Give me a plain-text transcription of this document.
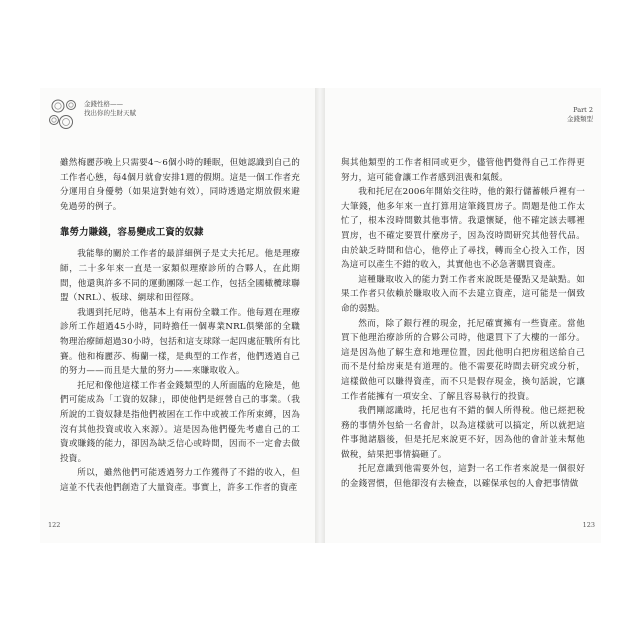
金錢性格——
找出你的生財天賦

雖然梅麗莎晚上只需要4～6個小時的睡眠，但她認識到自己的工作者心態，每4個月就會安排1週的假期。這是一個工作者充分運用自身優勢（如果這對她有效），同時透過定期放假來避免過勞的例子。

靠勞力賺錢，容易變成工資的奴隸

我能舉的關於工作者的最詳細例子是丈夫托尼。他是理療師，二十多年來一直是一家類似理療診所的合夥人，在此期間，他還與許多不同的運動團隊一起工作，包括全國橄欖球聯盟（NRL）、板球、網球和田徑隊。

我遇到托尼時，他基本上有兩份全職工作。他每週在理療診所工作超過45小時，同時擔任一個專業NRL俱樂部的全職物理治療師超過30小時，包括和這支球隊一起四處征戰所有比賽。他和梅麗莎、梅蘭一樣，是典型的工作者，他們透過自己的努力——而且是大量的努力——來賺取收入。

托尼和像他這樣工作者金錢類型的人所面臨的危險是，他們可能成為「工資的奴隸」，即使他們是經營自己的事業。（我所說的工資奴隸是指他們被困在工作中或被工作所束縛，因為沒有其他投資或收入來源）。這是因為他們優先考慮自己的工資或賺錢的能力，卻因為缺乏信心或時間，因而不一定會去做投資。

所以，雖然他們可能透過努力工作獲得了不錯的收入，但這並不代表他們創造了大量資產。事實上，許多工作者的資產

122
Part 2
金錢類型

與其他類型的工作者相同或更少，儘管他們覺得自己工作得更努力，這可能會讓工作者感到沮喪和氣餒。

我和托尼在2006年開始交往時，他的銀行儲蓄帳戶裡有一大筆錢，他多年來一直打算用這筆錢買房子。問題是他工作太忙了，根本沒時間數其他事情。我還懷疑，他不確定該去哪裡買房，也不確定要買什麼房子，因為沒時間研究其他替代品。由於缺乏時間和信心，他停止了尋找，轉而全心投入工作，因為這可以產生不錯的收入，其實他也不必急著購買資產。

這種賺取收入的能力對工作者來說既是優點又是缺點。如果工作者只依賴於賺取收入而不去建立資產，這可能是一個致命的弱點。

然而，除了銀行裡的現金，托尼確實擁有一些資產。當他買下他理治療診所的合夥公司時，他還買下了大樓的一部分。這是因為他了解生意和地理位置，因此他明白把房租送給自己而不是付給房東是有道理的。他不需要花時間去研究或分析，這樣做他可以賺得資產，而不只是假存現金，換句話說，它讓工作者能擁有一項安全、了解且容易執行的投資。

我們剛認識時，托尼也有不錯的個人所得稅。他已經把稅務的事情外包給一名會計，以為這樣就可以搞定，所以就把這件事拋諸腦後，但是托尼來說更不好，因為他的會計並未幫他做稅，結果把事情搞砸了。

托尼意識到他需要外包，這對一名工作者來說是一個很好的金錢習慣，但他卻沒有去檢查，以確保承包的人會把事情做

123
